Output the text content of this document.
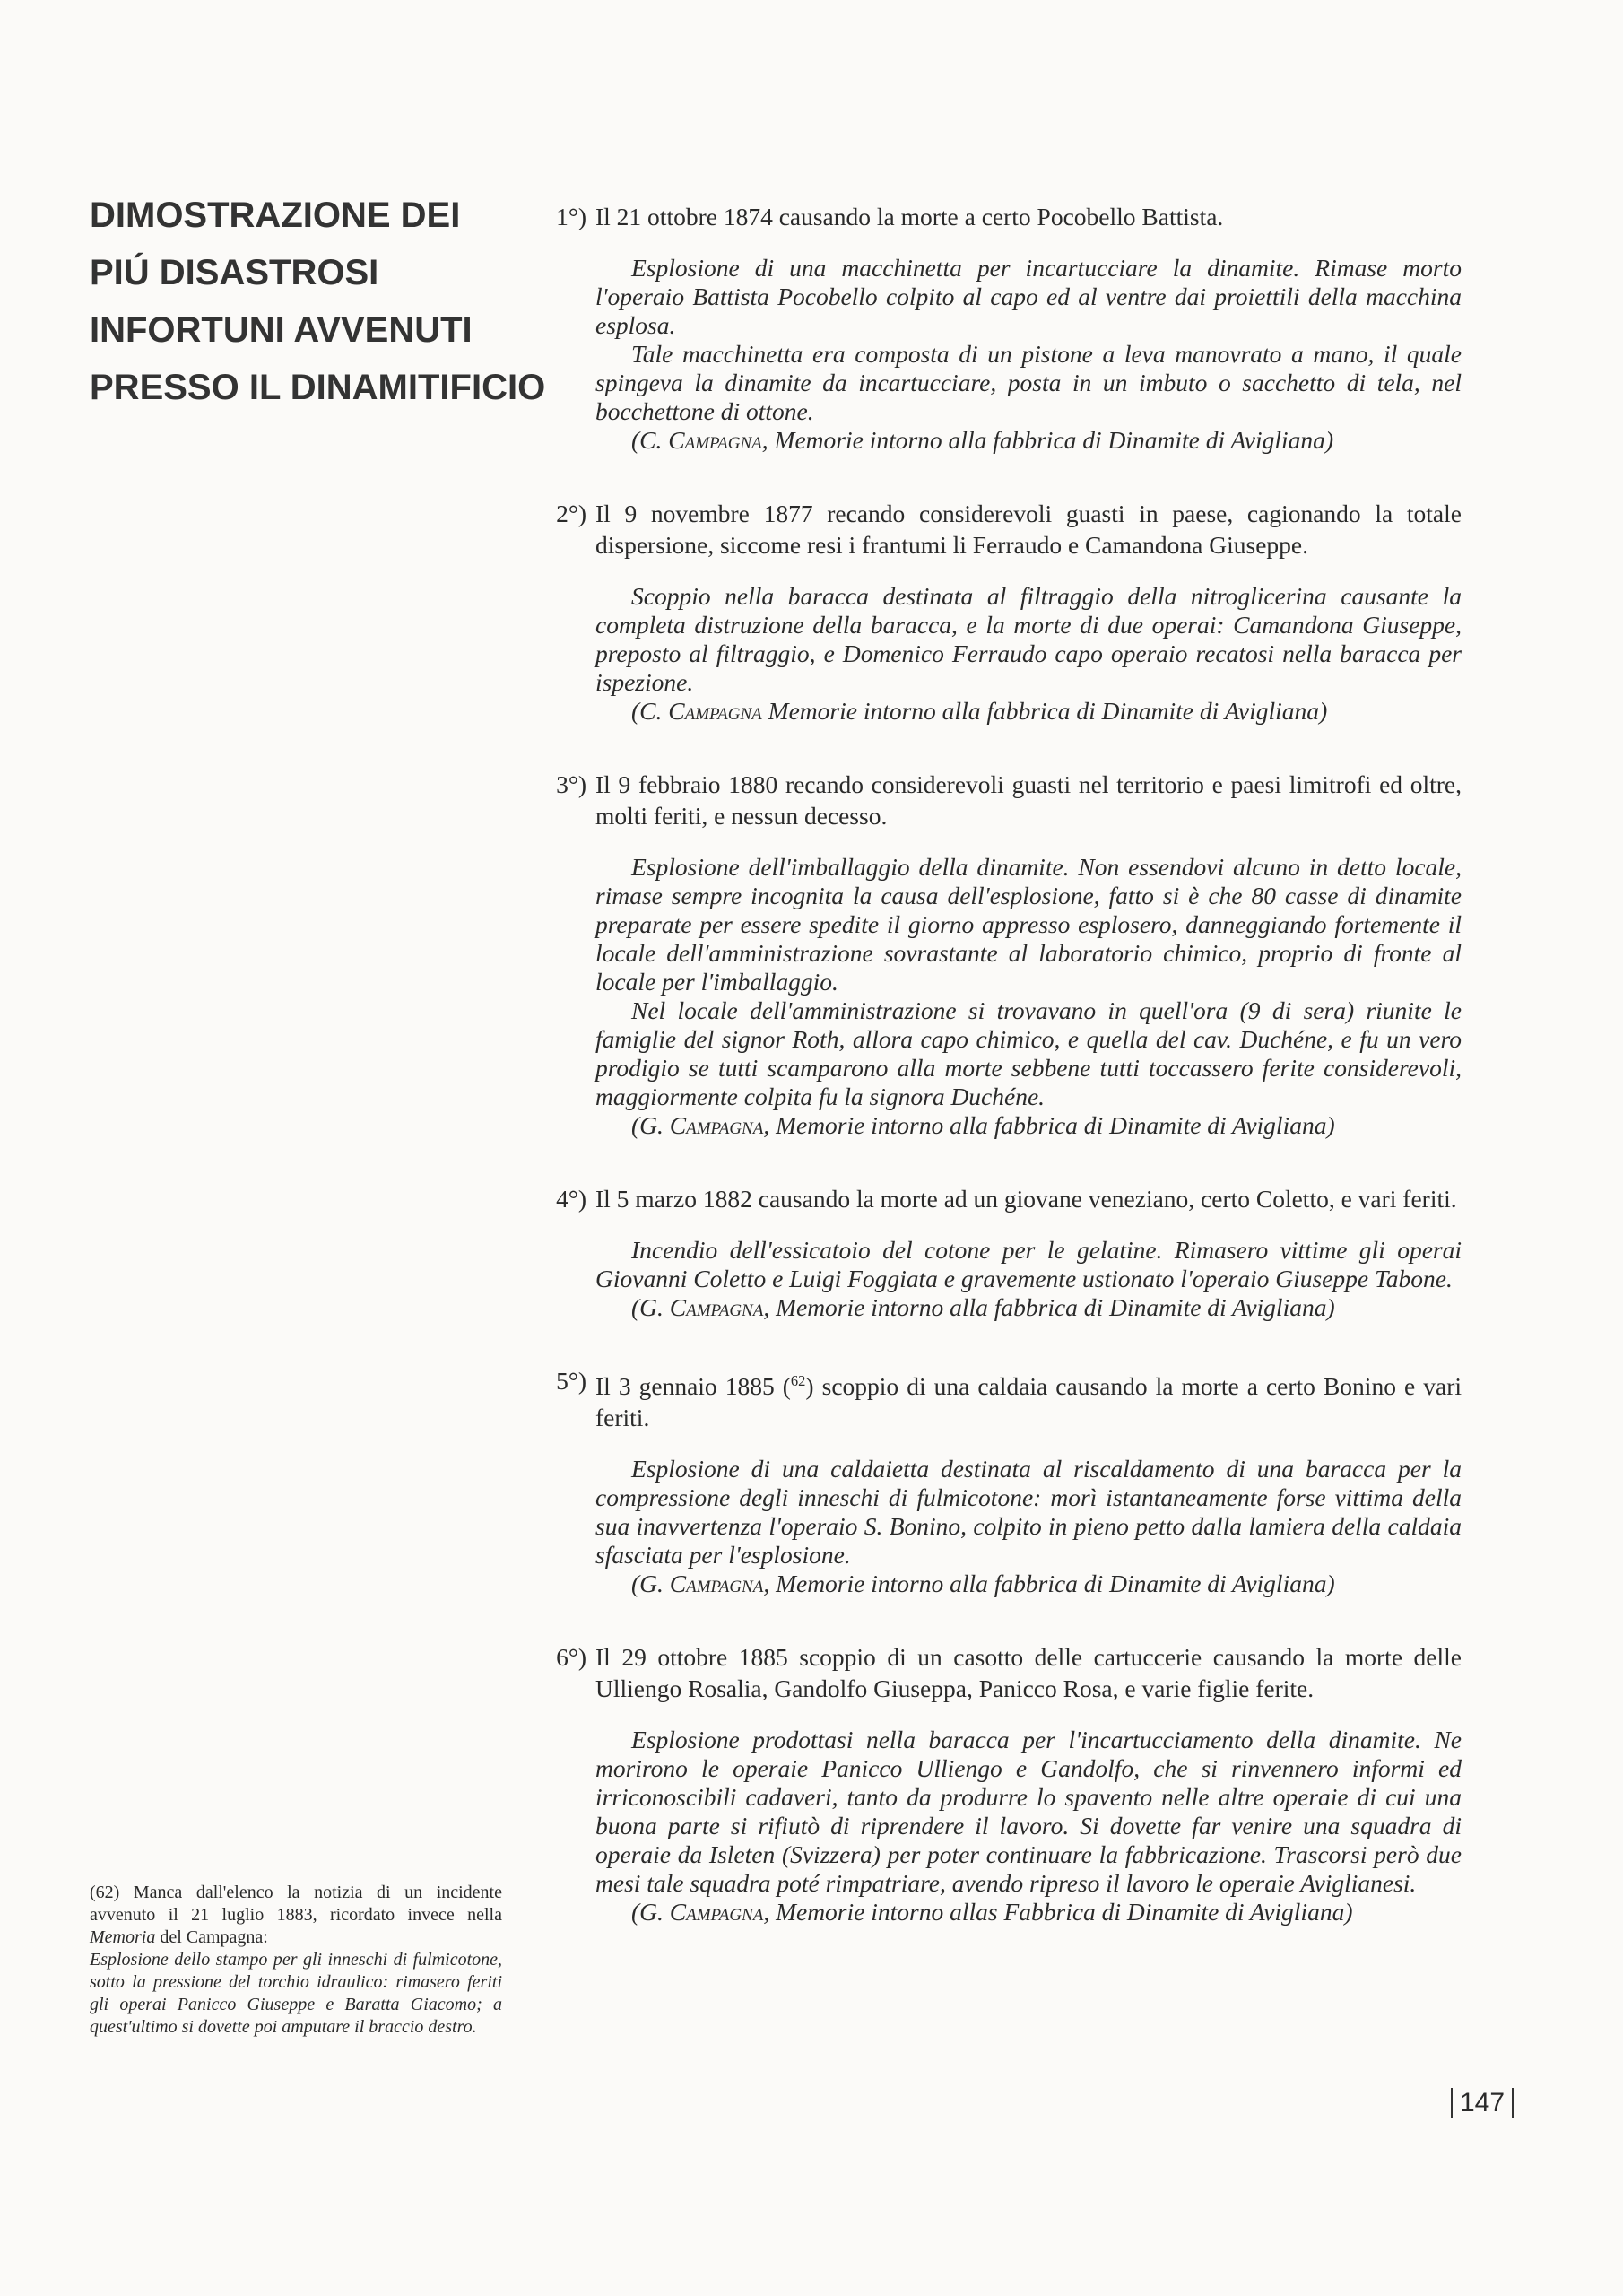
DIMOSTRAZIONE DEI
PIÚ DISASTROSI
INFORTUNI AVVENUTI
PRESSO IL DINAMITIFICIO
1°) Il 21 ottobre 1874 causando la morte a certo Pocobello Battista.

Esplosione di una macchinetta per incartucciare la dinamite. Rimase morto l'operaio Battista Pocobello colpito al capo ed al ventre dai proiettili della macchina esplosa.

Tale macchinetta era composta di un pistone a leva manovrato a mano, il quale spingeva la dinamite da incartucciare, posta in un imbuto o sacchetto di tela, nel bocchettone di ottone.

(C. Campagna, Memorie intorno alla fabbrica di Dinamite di Avigliana)

2°) Il 9 novembre 1877 recando considerevoli guasti in paese, cagionando la totale dispersione, siccome resi i frantumi li Ferraudo e Camandona Giuseppe.

Scoppio nella baracca destinata al filtraggio della nitroglicerina causante la completa distruzione della baracca, e la morte di due operai: Camandona Giuseppe, preposto al filtraggio, e Domenico Ferraudo capo operaio recatosi nella baracca per ispezione.

(C. Campagna Memorie intorno alla fabbrica di Dinamite di Avigliana)

3°) Il 9 febbraio 1880 recando considerevoli guasti nel territorio e paesi limitrofi ed oltre, molti feriti, e nessun decesso.

Esplosione dell'imballaggio della dinamite. Non essendovi alcuno in detto locale, rimase sempre incognita la causa dell'esplosione, fatto si è che 80 casse di dinamite preparate per essere spedite il giorno appresso esplosero, danneggiando fortemente il locale dell'amministrazione sovrastante al laboratorio chimico, proprio di fronte al locale per l'imballaggio.

Nel locale dell'amministrazione si trovavano in quell'ora (9 di sera) riunite le famiglie del signor Roth, allora capo chimico, e quella del cav. Duchéne, e fu un vero prodigio se tutti scamparono alla morte sebbene tutti toccassero ferite considerevoli, maggiormente colpita fu la signora Duchéne.

(G. Campagna, Memorie intorno alla fabbrica di Dinamite di Avigliana)

4°) Il 5 marzo 1882 causando la morte ad un giovane veneziano, certo Coletto, e vari feriti.

Incendio dell'essicatoio del cotone per le gelatine. Rimasero vittime gli operai Giovanni Coletto e Luigi Foggiata e gravemente ustionato l'operaio Giuseppe Tabone.

(G. Campagna, Memorie intorno alla fabbrica di Dinamite di Avigliana)

5°) Il 3 gennaio 1885 ($^{62}$) scoppio di una caldaia causando la morte a certo Bonino e vari feriti.

Esplosione di una caldaietta destinata al riscaldamento di una baracca per la compressione degli inneschi di fulmicotone: morì istantaneamente forse vittima della sua inavvertenza l'operaio S. Bonino, colpito in pieno petto dalla lamiera della caldaia sfasciata per l'esplosione.

(G. Campagna, Memorie intorno alla fabbrica di Dinamite di Avigliana)

6°) Il 29 ottobre 1885 scoppio di un casotto delle cartuccerie causando la morte delle Ulliengo Rosalia, Gandolfo Giuseppa, Panicco Rosa, e varie figlie ferite.

Esplosione prodottasi nella baracca per l'incartucciamento della dinamite. Ne morirono le operaie Panicco Ulliengo e Gandolfo, che si rinvennero informi ed irriconoscibili cadaveri, tanto da produrre lo spavento nelle altre operaie di cui una buona parte si rifiutò di riprendere il lavoro. Si dovette far venire una squadra di operaie da Isleten (Svizzera) per poter continuare la fabbricazione. Trascorsi però due mesi tale squadra poté rimpatriare, avendo ripreso il lavoro le operaie Aviglianesi.

(G. Campagna, Memorie intorno allas Fabbrica di Dinamite di Avigliana)

(62) Manca dall'elenco la notizia di un incidente avvenuto il 21 luglio 1883, ricordato invece nella Memoria del Campagna:
Esplosione dello stampo per gli inneschi di fulmicotone, sotto la pressione del torchio idraulico: rimasero feriti gli operai Panicco Giuseppe e Baratta Giacomo; a quest'ultimo si dovette poi amputare il braccio destro.
147
